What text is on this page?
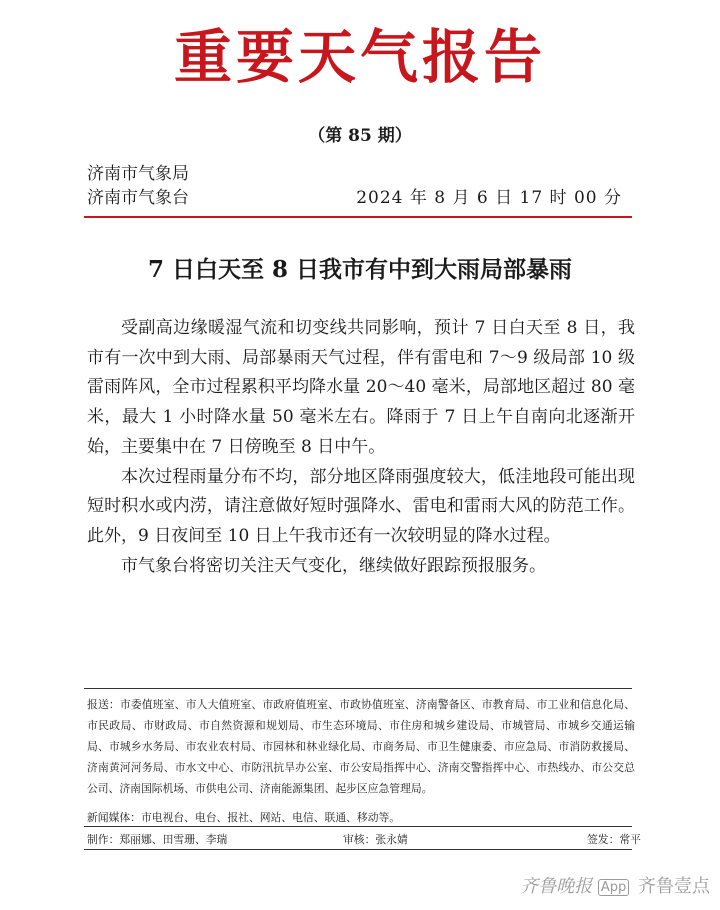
重要天气报告
（第 85 期）
济南市气象局
济南市气象台	2024 年 8 月 6 日 17 时 00 分
7 日白天至 8 日我市有中到大雨局部暴雨

受副高边缘暖湿气流和切变线共同影响，预计 7 日白天至 8 日，我市有一次中到大雨、局部暴雨天气过程，伴有雷电和 7～9 级局部 10 级雷雨阵风，全市过程累积平均降水量 20～40 毫米，局部地区超过 80 毫米，最大 1 小时降水量 50 毫米左右。降雨于 7 日上午自南向北逐渐开始，主要集中在 7 日傍晚至 8 日中午。

本次过程雨量分布不均，部分地区降雨强度较大，低洼地段可能出现短时积水或内涝，请注意做好短时强降水、雷电和雷雨大风的防范工作。此外，9 日夜间至 10 日上午我市还有一次较明显的降水过程。

市气象台将密切关注天气变化，继续做好跟踪预报服务。

报送：市委值班室、市人大值班室、市政府值班室、市政协值班室、济南警备区、市教育局、市工业和信息化局、市民政局、市财政局、市自然资源和规划局、市生态环境局、市住房和城乡建设局、市城管局、市城乡交通运输局、市城乡水务局、市农业农村局、市园林和林业绿化局、市商务局、市卫生健康委、市应急局、市消防救援局、济南黄河河务局、市水文中心、市防汛抗旱办公室、市公安局指挥中心、济南交警指挥中心、市热线办、市公交总公司、济南国际机场、市供电公司、济南能源集团、起步区应急管理局。
新闻媒体：市电视台、电台、报社、网站、电信、联通、移动等。
制作：郑丽娜、田雪珊、李瑞	审核：张永婧	签发：常平
齐鲁晚报 App 齐鲁壹点
